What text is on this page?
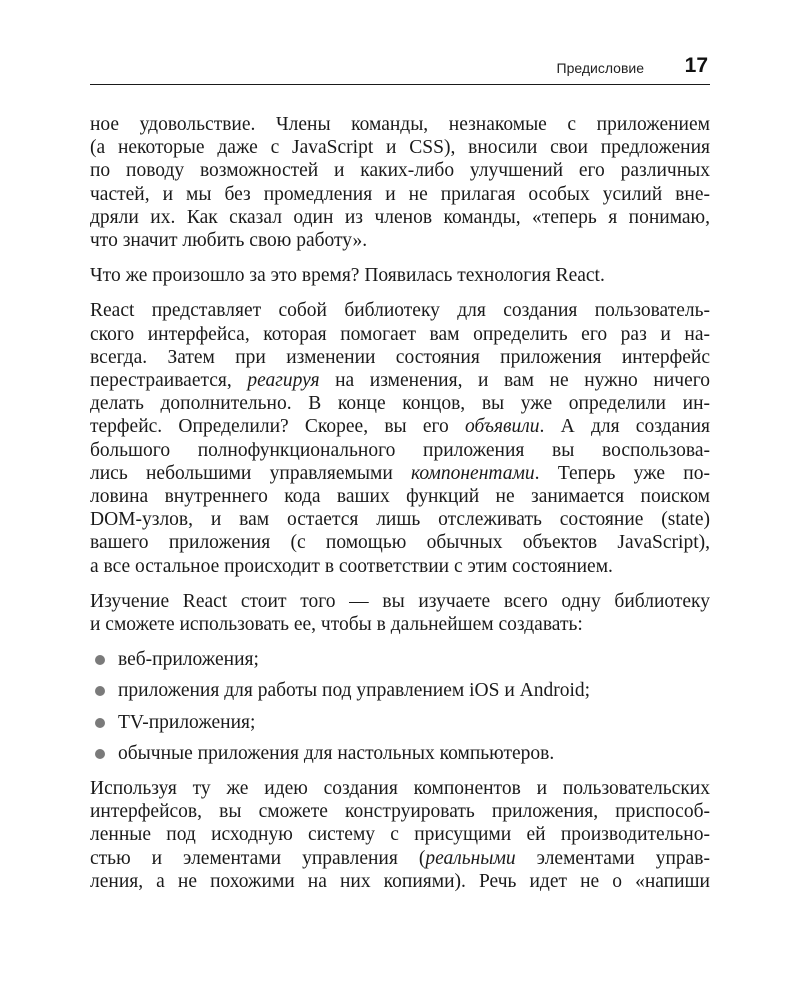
Предисловие 17
ное удовольствие. Члены команды, незнакомые с приложением
(а некоторые даже с JavaScript и CSS), вносили свои предложения
по поводу возможностей и каких-либо улучшений его различных
частей, и мы без промедления и не прилагая особых усилий вне-
дряли их. Как сказал один из членов команды, «теперь я понимаю,
что значит любить свою работу».
Что же произошло за это время? Появилась технология React.
React представляет собой библиотеку для создания пользователь-
ского интерфейса, которая помогает вам определить его раз и на-
всегда. Затем при изменении состояния приложения интерфейс
перестраивается, реагируя на изменения, и вам не нужно ничего
делать дополнительно. В конце концов, вы уже определили ин-
терфейс. Определили? Скорее, вы его объявили. А для создания
большого полнофункционального приложения вы воспользова-
лись небольшими управляемыми компонентами. Теперь уже по-
ловина внутреннего кода ваших функций не занимается поиском
DOM-узлов, и вам остается лишь отслеживать состояние (state)
вашего приложения (с помощью обычных объектов JavaScript),
а все остальное происходит в соответствии с этим состоянием.
Изучение React стоит того — вы изучаете всего одну библиотеку
и сможете использовать ее, чтобы в дальнейшем создавать:
веб-приложения;
приложения для работы под управлением iOS и Android;
TV-приложения;
обычные приложения для настольных компьютеров.
Используя ту же идею создания компонентов и пользовательских
интерфейсов, вы сможете конструировать приложения, приспособ-
ленные под исходную систему с присущими ей производительно-
стью и элементами управления (реальными элементами управ-
ления, а не похожими на них копиями). Речь идет не о «напиши
